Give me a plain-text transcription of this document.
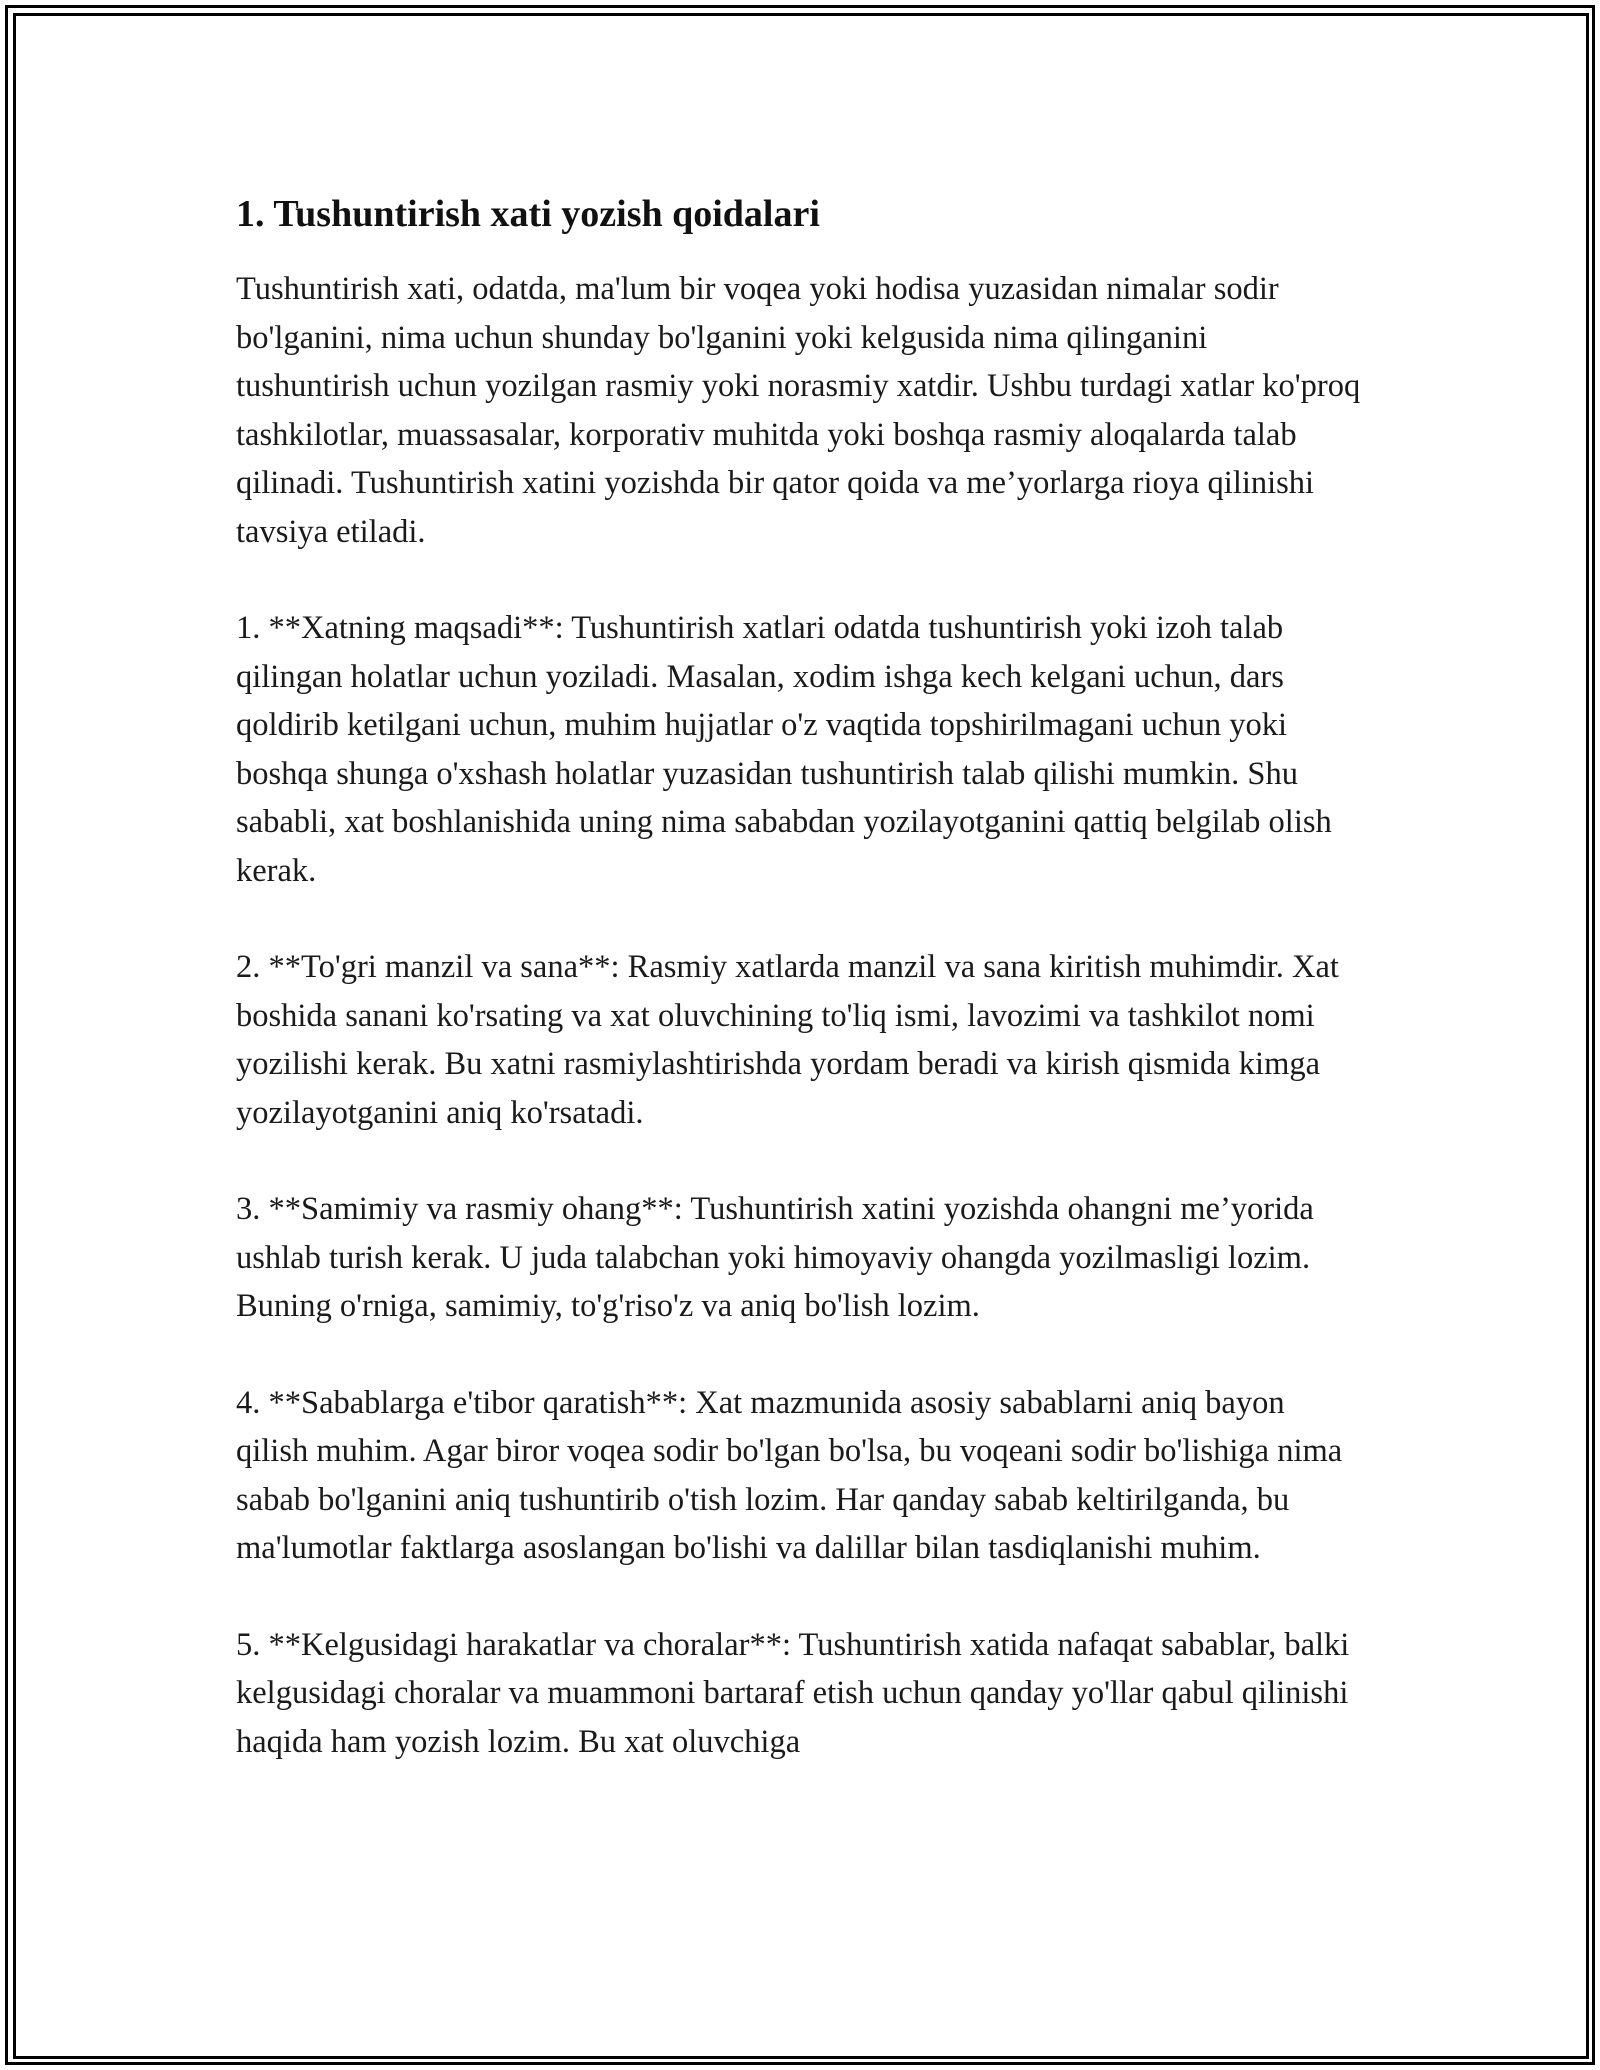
1. Tushuntirish xati yozish qoidalari

Tushuntirish xati, odatda, ma'lum bir voqea yoki hodisa yuzasidan nimalar sodir bo'lganini, nima uchun shunday bo'lganini yoki kelgusida nima qilinganini tushuntirish uchun yozilgan rasmiy yoki norasmiy xatdir. Ushbu turdagi xatlar ko'proq tashkilotlar, muassasalar, korporativ muhitda yoki boshqa rasmiy aloqalarda talab qilinadi. Tushuntirish xatini yozishda bir qator qoida va me’yorlarga rioya qilinishi tavsiya etiladi.

1. **Xatning maqsadi**: Tushuntirish xatlari odatda tushuntirish yoki izoh talab qilingan holatlar uchun yoziladi. Masalan, xodim ishga kech kelgani uchun, dars qoldirib ketilgani uchun, muhim hujjatlar o'z vaqtida topshirilmagani uchun yoki boshqa shunga o'xshash holatlar yuzasidan tushuntirish talab qilishi mumkin. Shu sababli, xat boshlanishida uning nima sababdan yozilayotganini qattiq belgilab olish kerak.

2. **To'gri manzil va sana**: Rasmiy xatlarda manzil va sana kiritish muhimdir. Xat boshida sanani ko'rsating va xat oluvchining to'liq ismi, lavozimi va tashkilot nomi yozilishi kerak. Bu xatni rasmiylashtirishda yordam beradi va kirish qismida kimga yozilayotganini aniq ko'rsatadi.

3. **Samimiy va rasmiy ohang**: Tushuntirish xatini yozishda ohangni me’yorida ushlab turish kerak. U juda talabchan yoki himoyaviy ohangda yozilmasligi lozim. Buning o'rniga, samimiy, to'g'riso'z va aniq bo'lish lozim.

4. **Sabablarga e'tibor qaratish**: Xat mazmunida asosiy sabablarni aniq bayon qilish muhim. Agar biror voqea sodir bo'lgan bo'lsa, bu voqeani sodir bo'lishiga nima sabab bo'lganini aniq tushuntirib o'tish lozim. Har qanday sabab keltirilganda, bu ma'lumotlar faktlarga asoslangan bo'lishi va dalillar bilan tasdiqlanishi muhim.

5. **Kelgusidagi harakatlar va choralar**: Tushuntirish xatida nafaqat sabablar, balki kelgusidagi choralar va muammoni bartaraf etish uchun qanday yo'llar qabul qilinishi haqida ham yozish lozim. Bu xat oluvchiga
